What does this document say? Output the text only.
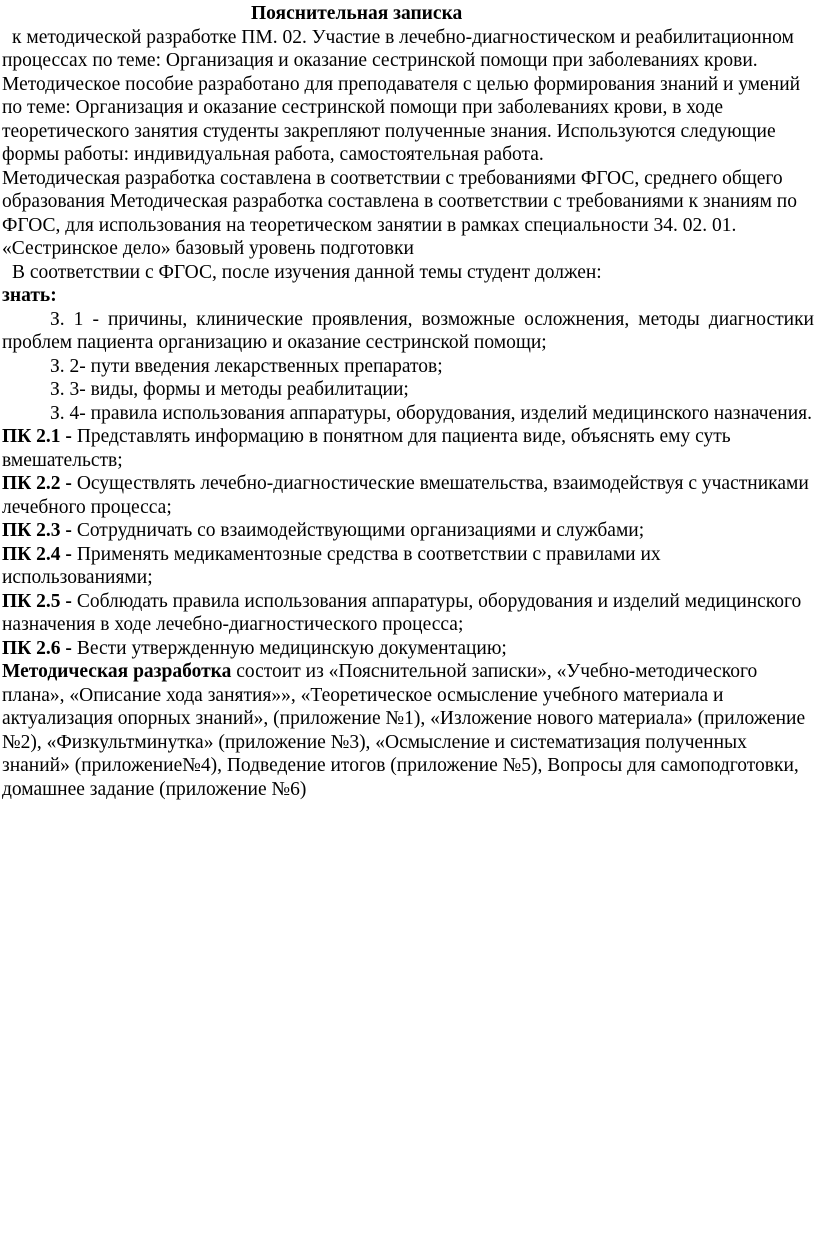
Пояснительная записка

к методической разработке ПМ. 02. Участие в лечебно-диагностическом и реабилитационном процессах по теме: Организация и оказание сестринской помощи при заболеваниях крови.

Методическое пособие разработано для преподавателя с целью формирования знаний и умений по теме: Организация и оказание сестринской помощи при заболеваниях крови, в ходе теоретического занятия студенты закрепляют полученные знания. Используются следующие формы работы: индивидуальная работа, самостоятельная работа.

Методическая разработка составлена в соответствии с требованиями ФГОС, среднего общего образования Методическая разработка составлена в соответствии с требованиями к знаниям по ФГОС, для использования на теоретическом занятии в рамках специальности 34. 02. 01. «Сестринское дело» базовый уровень подготовки

В соответствии с ФГОС, после изучения данной темы студент должен:

знать:

З. 1 - причины, клинические проявления, возможные осложнения, методы диагностики проблем пациента организацию и оказание сестринской помощи;

З. 2- пути введения лекарственных препаратов;

З. 3- виды, формы и методы реабилитации;

З. 4- правила использования аппаратуры, оборудования, изделий медицинского назначения.

ПК 2.1 - Представлять информацию в понятном для пациента виде, объяснять ему суть вмешательств;

ПК 2.2 - Осуществлять лечебно-диагностические вмешательства, взаимодействуя с участниками лечебного процесса;

ПК 2.3 - Сотрудничать со взаимодействующими организациями и службами;

ПК 2.4 - Применять медикаментозные средства в соответствии с правилами их использованиями;

ПК 2.5 - Соблюдать правила использования аппаратуры, оборудования и изделий медицинского назначения в ходе лечебно-диагностического процесса;

ПК 2.6 - Вести утвержденную медицинскую документацию;

Методическая разработка состоит из «Пояснительной записки», «Учебно-методического плана», «Описание хода занятия»», «Теоретическое осмысление учебного материала и актуализация опорных знаний», (приложение №1), «Изложение нового материала» (приложение №2), «Физкультминутка» (приложение №3), «Осмысление и систематизация полученных знаний» (приложение№4), Подведение итогов (приложение №5), Вопросы для самоподготовки, домашнее задание (приложение №6)
